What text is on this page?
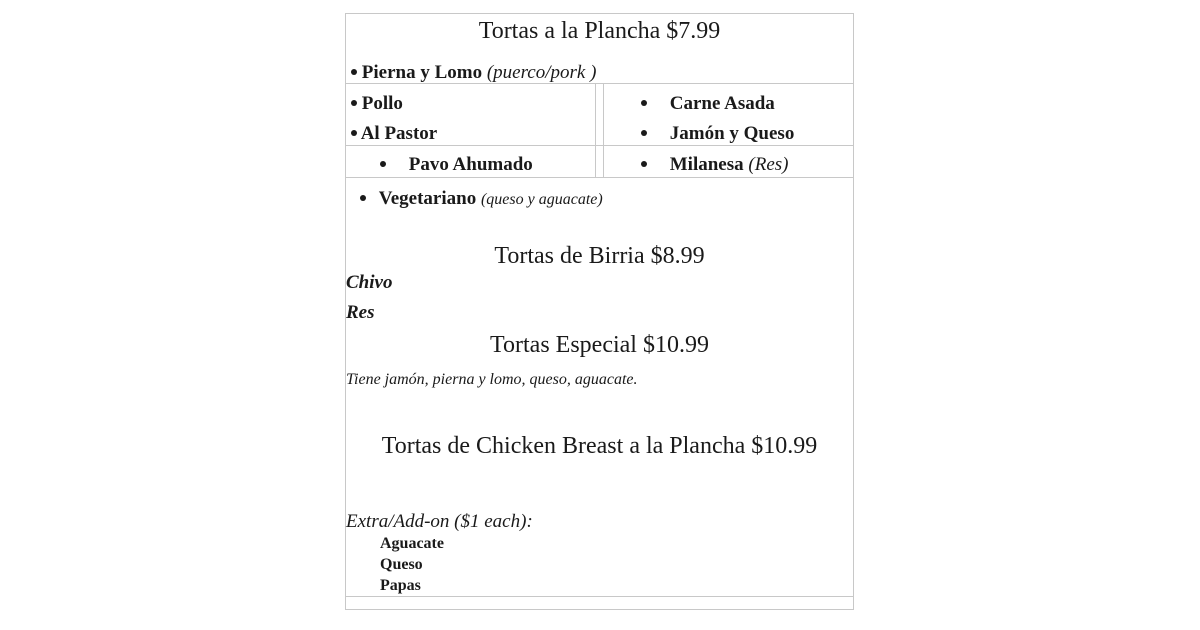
Tortas a la Plancha $7.99
Pierna y Lomo (puerco/pork )
Pollo
Al Pastor
Carne Asada
Jamón y Queso
Pavo Ahumado	Milanesa (Res)
Vegetariano (queso y aguacate)
Tortas de Birria $8.99
Chivo
Res
Tortas Especial $10.99
Tiene jamón, pierna y lomo, queso, aguacate.
Tortas de Chicken Breast a la Plancha $10.99
Extra/Add-on ($1 each):
Aguacate
Queso
Papas
